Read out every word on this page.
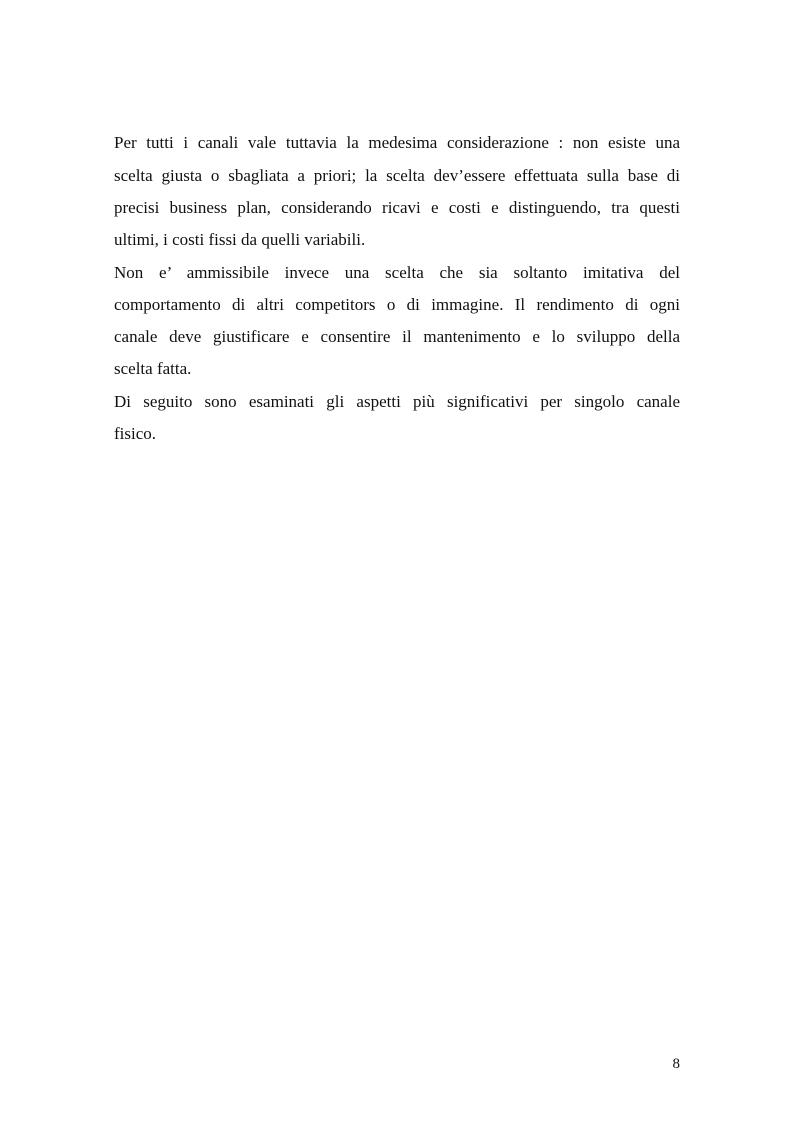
Per tutti i canali vale tuttavia la medesima considerazione : non esiste una
scelta giusta o sbagliata a priori; la scelta dev’essere effettuata sulla base di
precisi business plan, considerando ricavi e costi e distinguendo, tra questi
ultimi, i costi fissi da quelli variabili.
Non e’ ammissibile invece una scelta che sia soltanto imitativa del
comportamento di altri competitors o di immagine. Il rendimento di ogni
canale deve giustificare e consentire il mantenimento e lo sviluppo della
scelta fatta.
Di seguito sono esaminati gli aspetti più significativi per singolo canale
fisico.
8
